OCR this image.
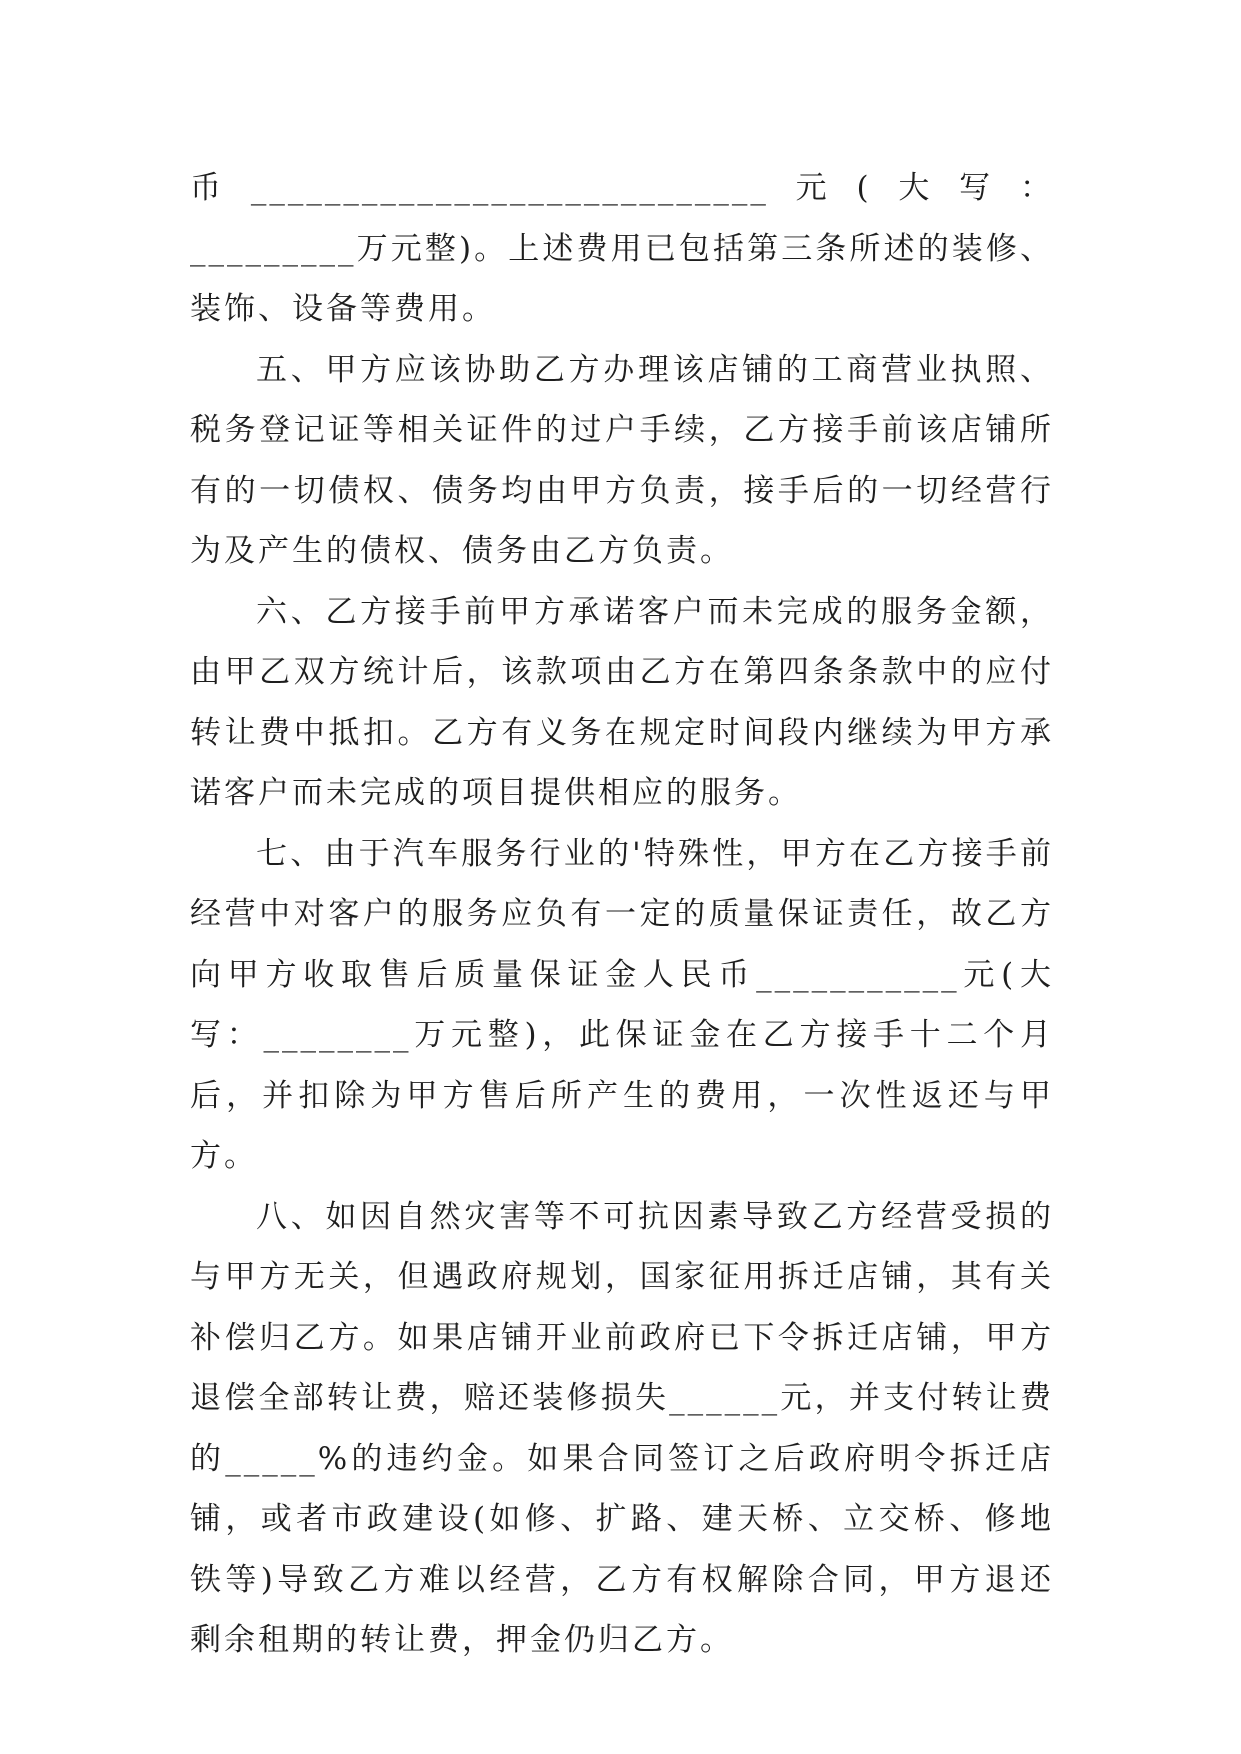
币____________________________元(大写：_________万元整)。上述费用已包括第三条所述的装修、装饰、设备等费用。

五、甲方应该协助乙方办理该店铺的工商营业执照、税务登记证等相关证件的过户手续，乙方接手前该店铺所有的一切债权、债务均由甲方负责，接手后的一切经营行为及产生的债权、债务由乙方负责。

六、乙方接手前甲方承诺客户而未完成的服务金额，由甲乙双方统计后，该款项由乙方在第四条条款中的应付转让费中抵扣。乙方有义务在规定时间段内继续为甲方承诺客户而未完成的项目提供相应的服务。

七、由于汽车服务行业的'特殊性，甲方在乙方接手前经营中对客户的服务应负有一定的质量保证责任，故乙方向甲方收取售后质量保证金人民币___________元(大写：________万元整)，此保证金在乙方接手十二个月后，并扣除为甲方售后所产生的费用，一次性返还与甲方。

八、如因自然灾害等不可抗因素导致乙方经营受损的与甲方无关，但遇政府规划，国家征用拆迁店铺，其有关补偿归乙方。如果店铺开业前政府已下令拆迁店铺，甲方退偿全部转让费，赔还装修损失______元，并支付转让费的_____%的违约金。如果合同签订之后政府明令拆迁店铺，或者市政建设(如修、扩路、建天桥、立交桥、修地铁等)导致乙方难以经营，乙方有权解除合同，甲方退还剩余租期的转让费，押金仍归乙方。
